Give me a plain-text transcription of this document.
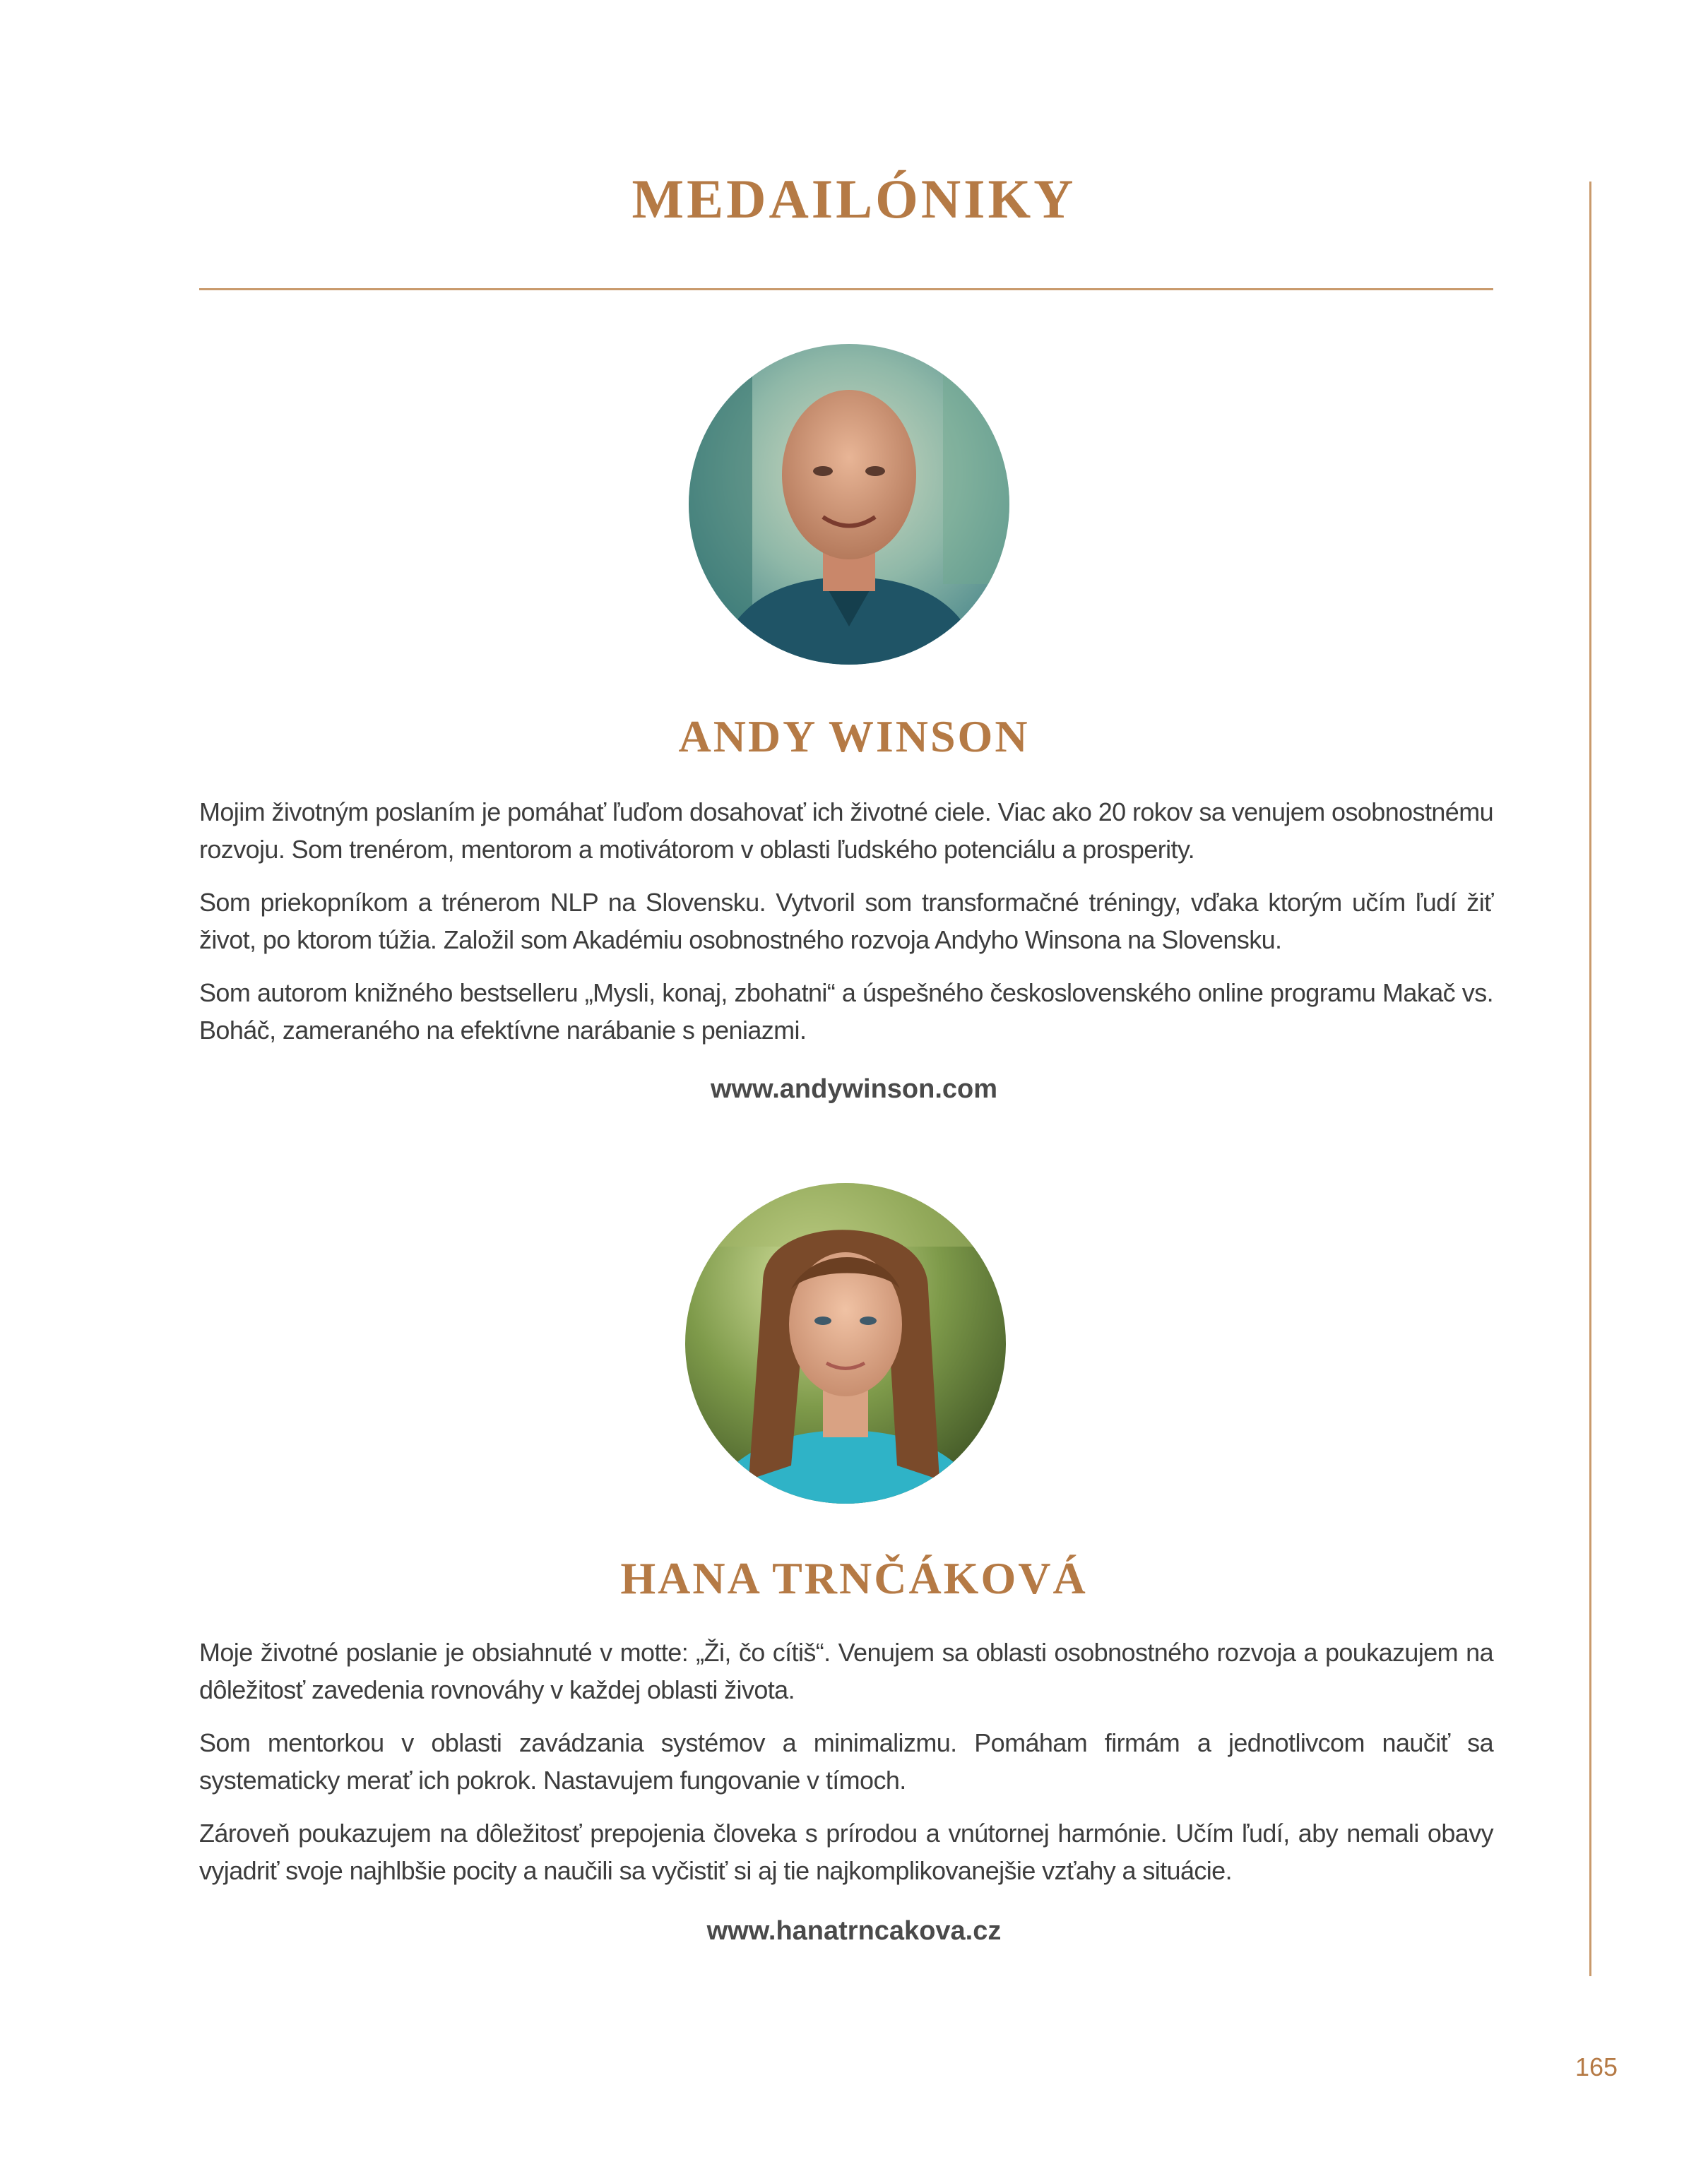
MEDAILÓNIKY
ANDY WINSON

Mojim životným poslaním je pomáhať ľuďom dosahovať ich životné ciele. Viac ako 20 rokov sa venujem osobnostnému rozvoju. Som trenérom, mentorom a motivátorom v oblasti ľudského potenciálu a prosperity.

Som priekopníkom a trénerom NLP na Slovensku. Vytvoril som transformačné tréningy, vďaka ktorým učím ľudí žiť život, po ktorom túžia. Založil som Akadémiu osobnostného rozvoja Andyho Winsona na Slovensku.

Som autorom knižného bestselleru „Mysli, konaj, zbohatni“ a úspešného československého online programu Makač vs. Boháč, zameraného na efektívne narábanie s peniazmi.

www.andywinson.com
HANA TRNČÁKOVÁ

Moje životné poslanie je obsiahnuté v motte: „Ži, čo cítiš“. Venujem sa oblasti osobnostného rozvoja a poukazujem na dôležitosť zavedenia rovnováhy v každej oblasti života.

Som mentorkou v oblasti zavádzania systémov a minimalizmu. Pomáham firmám a jednotlivcom naučiť sa systematicky merať ich pokrok. Nastavujem fungovanie v tímoch.

Zároveň poukazujem na dôležitosť prepojenia človeka s prírodou a vnútornej harmónie. Učím ľudí, aby nemali obavy vyjadriť svoje najhlbšie pocity a naučili sa vyčistiť si aj tie najkomplikovanejšie vzťahy a situácie.

www.hanatrncakova.cz
165
